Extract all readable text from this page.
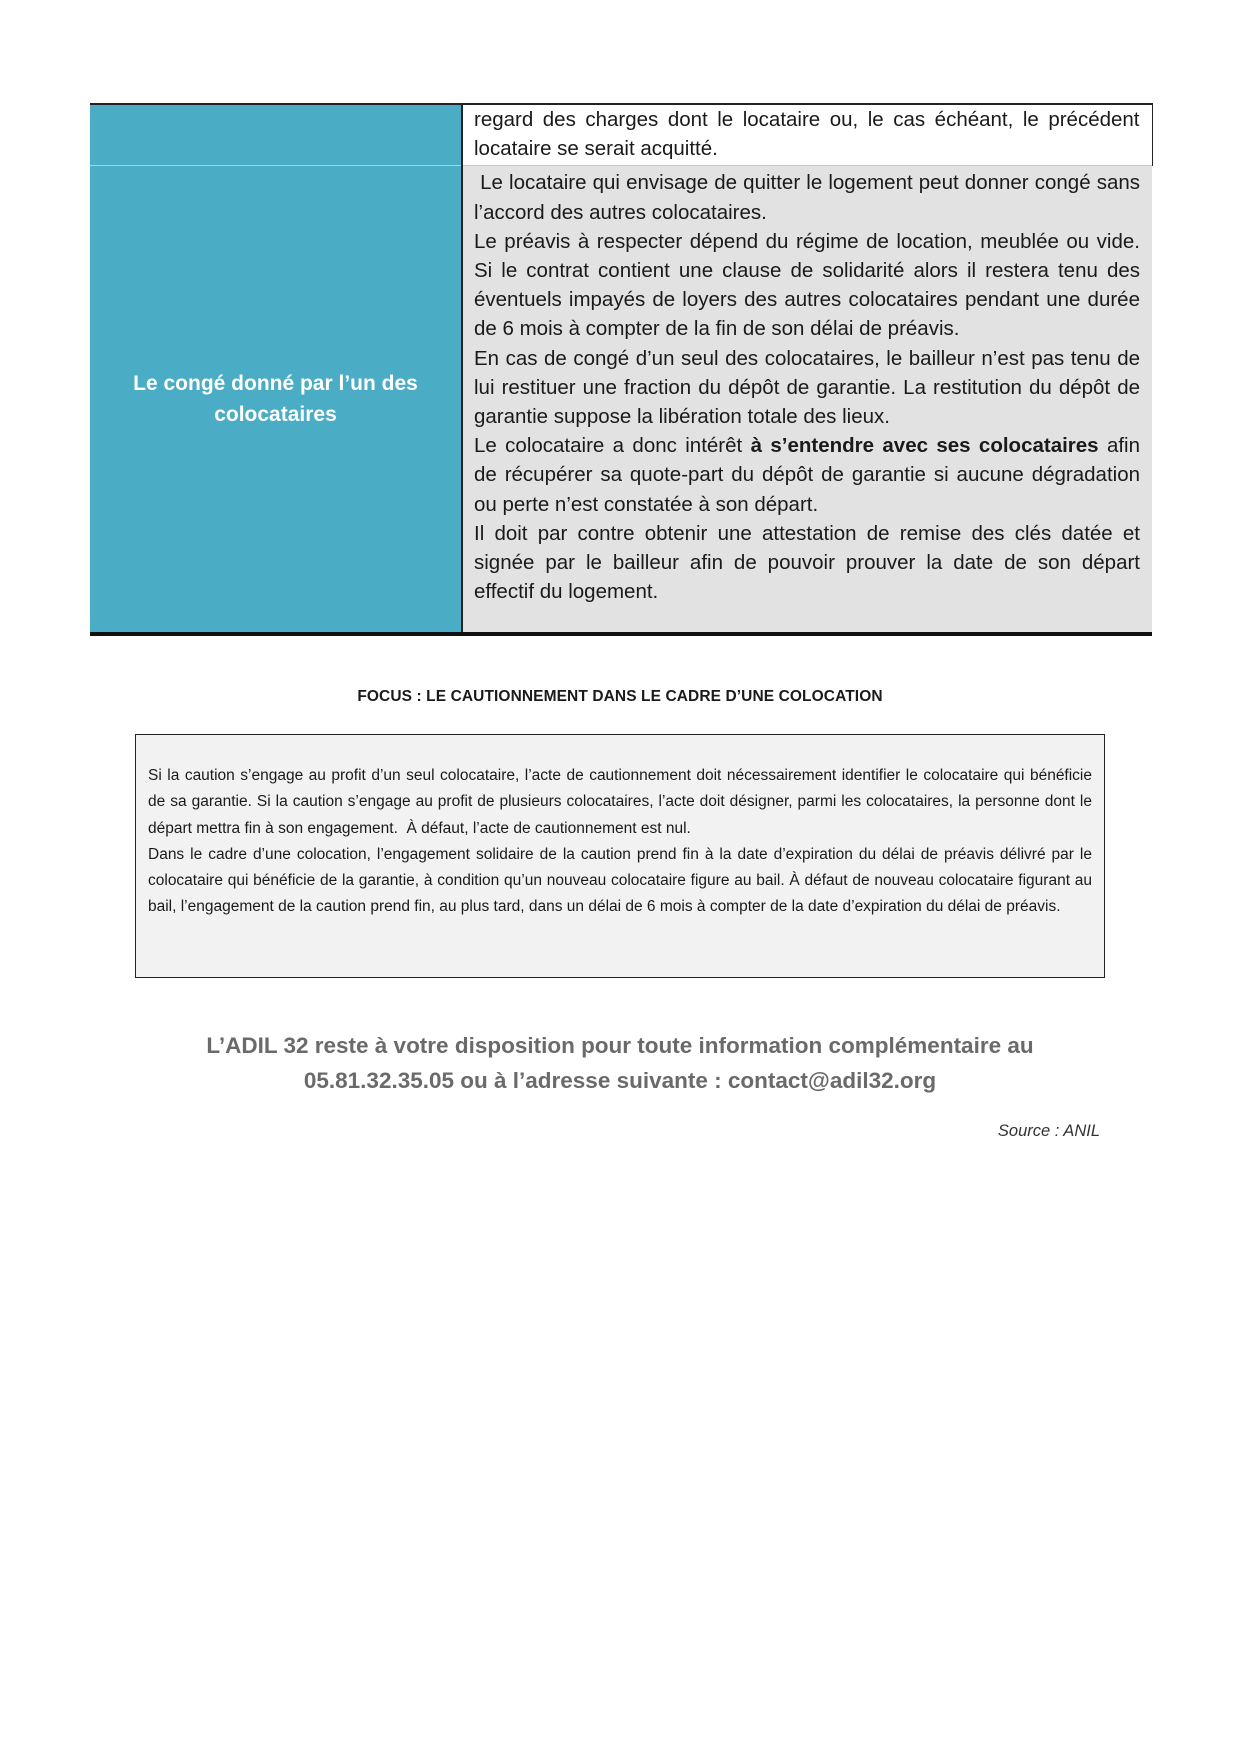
	regard des charges dont le locataire ou, le cas échéant, le précédent locataire se serait acquitté.

Le congé donné par l’un des colocataires	Le locataire qui envisage de quitter le logement peut donner congé sans l’accord des autres colocataires.

Le préavis à respecter dépend du régime de location, meublée ou vide. Si le contrat contient une clause de solidarité alors il restera tenu des éventuels impayés de loyers des autres colocataires pendant une durée de 6 mois à compter de la fin de son délai de préavis.

En cas de congé d’un seul des colocataires, le bailleur n’est pas tenu de lui restituer une fraction du dépôt de garantie. La restitution du dépôt de garantie suppose la libération totale des lieux.

Le colocataire a donc intérêt à s’entendre avec ses colocataires afin de récupérer sa quote-part du dépôt de garantie si aucune dégradation ou perte n’est constatée à son départ.

Il doit par contre obtenir une attestation de remise des clés datée et signée par le bailleur afin de pouvoir prouver la date de son départ effectif du logement.

FOCUS : LE CAUTIONNEMENT DANS LE CADRE D’UNE COLOCATION

Si la caution s’engage au profit d’un seul colocataire, l’acte de cautionnement doit nécessairement identifier le colocataire qui bénéficie de sa garantie. Si la caution s’engage au profit de plusieurs colocataires, l’acte doit désigner, parmi les colocataires, la personne dont le départ mettra fin à son engagement.  À défaut, l’acte de cautionnement est nul.

Dans le cadre d’une colocation, l’engagement solidaire de la caution prend fin à la date d’expiration du délai de préavis délivré par le colocataire qui bénéficie de la garantie, à condition qu’un nouveau colocataire figure au bail. À défaut de nouveau colocataire figurant au bail, l’engagement de la caution prend fin, au plus tard, dans un délai de 6 mois à compter de la date d’expiration du délai de préavis.

L’ADIL 32 reste à votre disposition pour toute information complémentaire au
05.81.32.35.05 ou à l’adresse suivante : contact@adil32.org
Source : ANIL
